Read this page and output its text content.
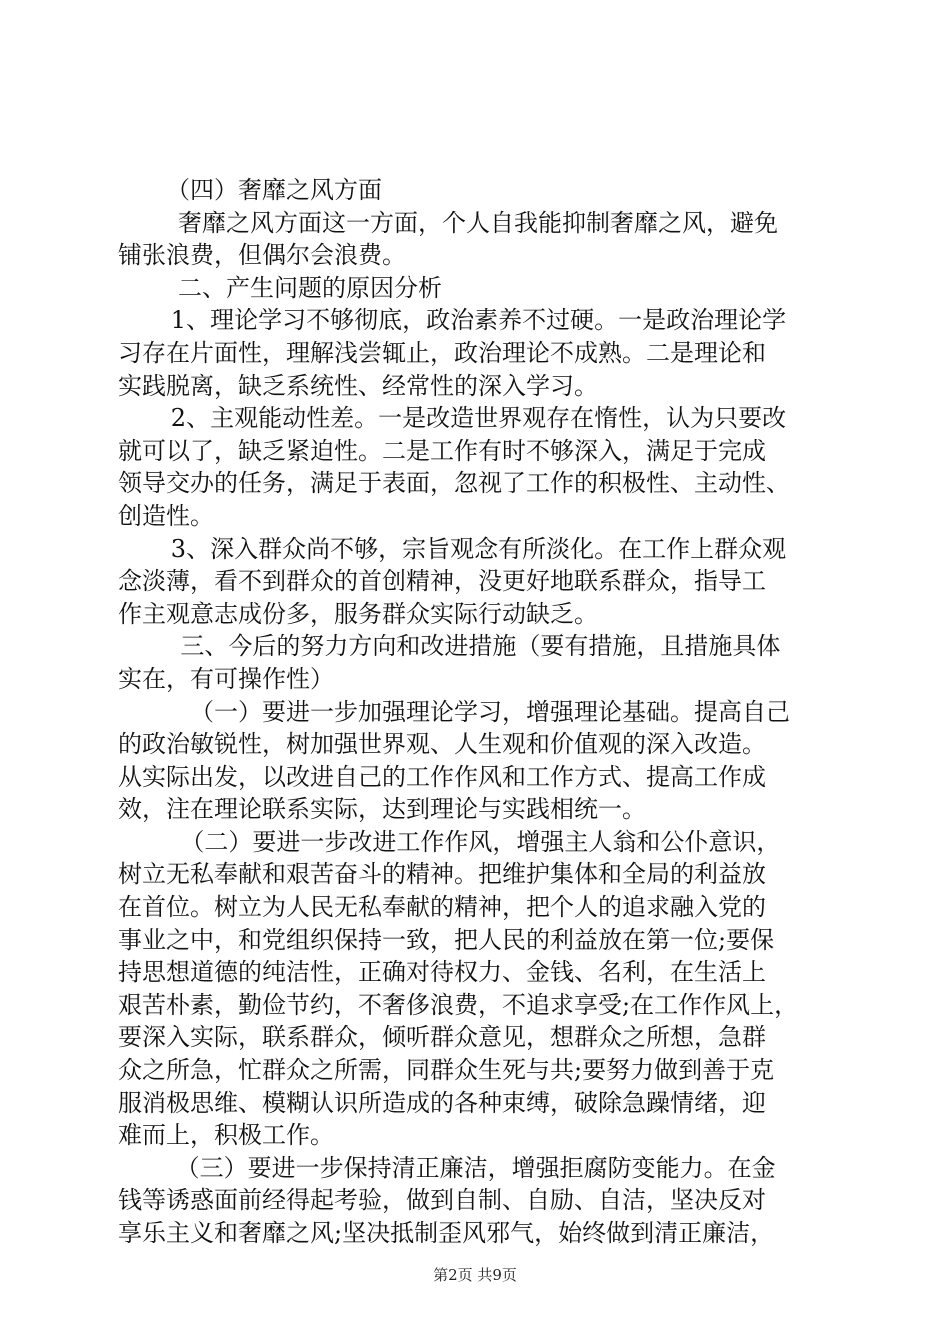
（四）奢靡之风方面
奢靡之风方面这一方面，个人自我能抑制奢靡之风，避免
铺张浪费，但偶尔会浪费。
二、产生问题的原因分析
1、理论学习不够彻底，政治素养不过硬。一是政治理论学
习存在片面性，理解浅尝辄止，政治理论不成熟。二是理论和
实践脱离，缺乏系统性、经常性的深入学习。
2、主观能动性差。一是改造世界观存在惰性，认为只要改
就可以了，缺乏紧迫性。二是工作有时不够深入，满足于完成
领导交办的任务，满足于表面，忽视了工作的积极性、主动性、
创造性。
3、深入群众尚不够，宗旨观念有所淡化。在工作上群众观
念淡薄，看不到群众的首创精神，没更好地联系群众，指导工
作主观意志成份多，服务群众实际行动缺乏。
三、今后的努力方向和改进措施（要有措施，且措施具体
实在，有可操作性）
（一）要进一步加强理论学习，增强理论基础。提高自己
的政治敏锐性，树加强世界观、人生观和价值观的深入改造。
从实际出发，以改进自己的工作作风和工作方式、提高工作成
效，注在理论联系实际，达到理论与实践相统一。
（二）要进一步改进工作作风，增强主人翁和公仆意识，
树立无私奉献和艰苦奋斗的精神。把维护集体和全局的利益放
在首位。树立为人民无私奉献的精神，把个人的追求融入党的
事业之中，和党组织保持一致，把人民的利益放在第一位;要保
持思想道德的纯洁性，正确对待权力、金钱、名利，在生活上
艰苦朴素，勤俭节约，不奢侈浪费，不追求享受;在工作作风上，
要深入实际，联系群众，倾听群众意见，想群众之所想，急群
众之所急，忙群众之所需，同群众生死与共;要努力做到善于克
服消极思维、模糊认识所造成的各种束缚，破除急躁情绪，迎
难而上，积极工作。
（三）要进一步保持清正廉洁，增强拒腐防变能力。在金
钱等诱惑面前经得起考验，做到自制、自励、自洁，坚决反对
享乐主义和奢靡之风;坚决抵制歪风邪气，始终做到清正廉洁，
第2页 共9页
